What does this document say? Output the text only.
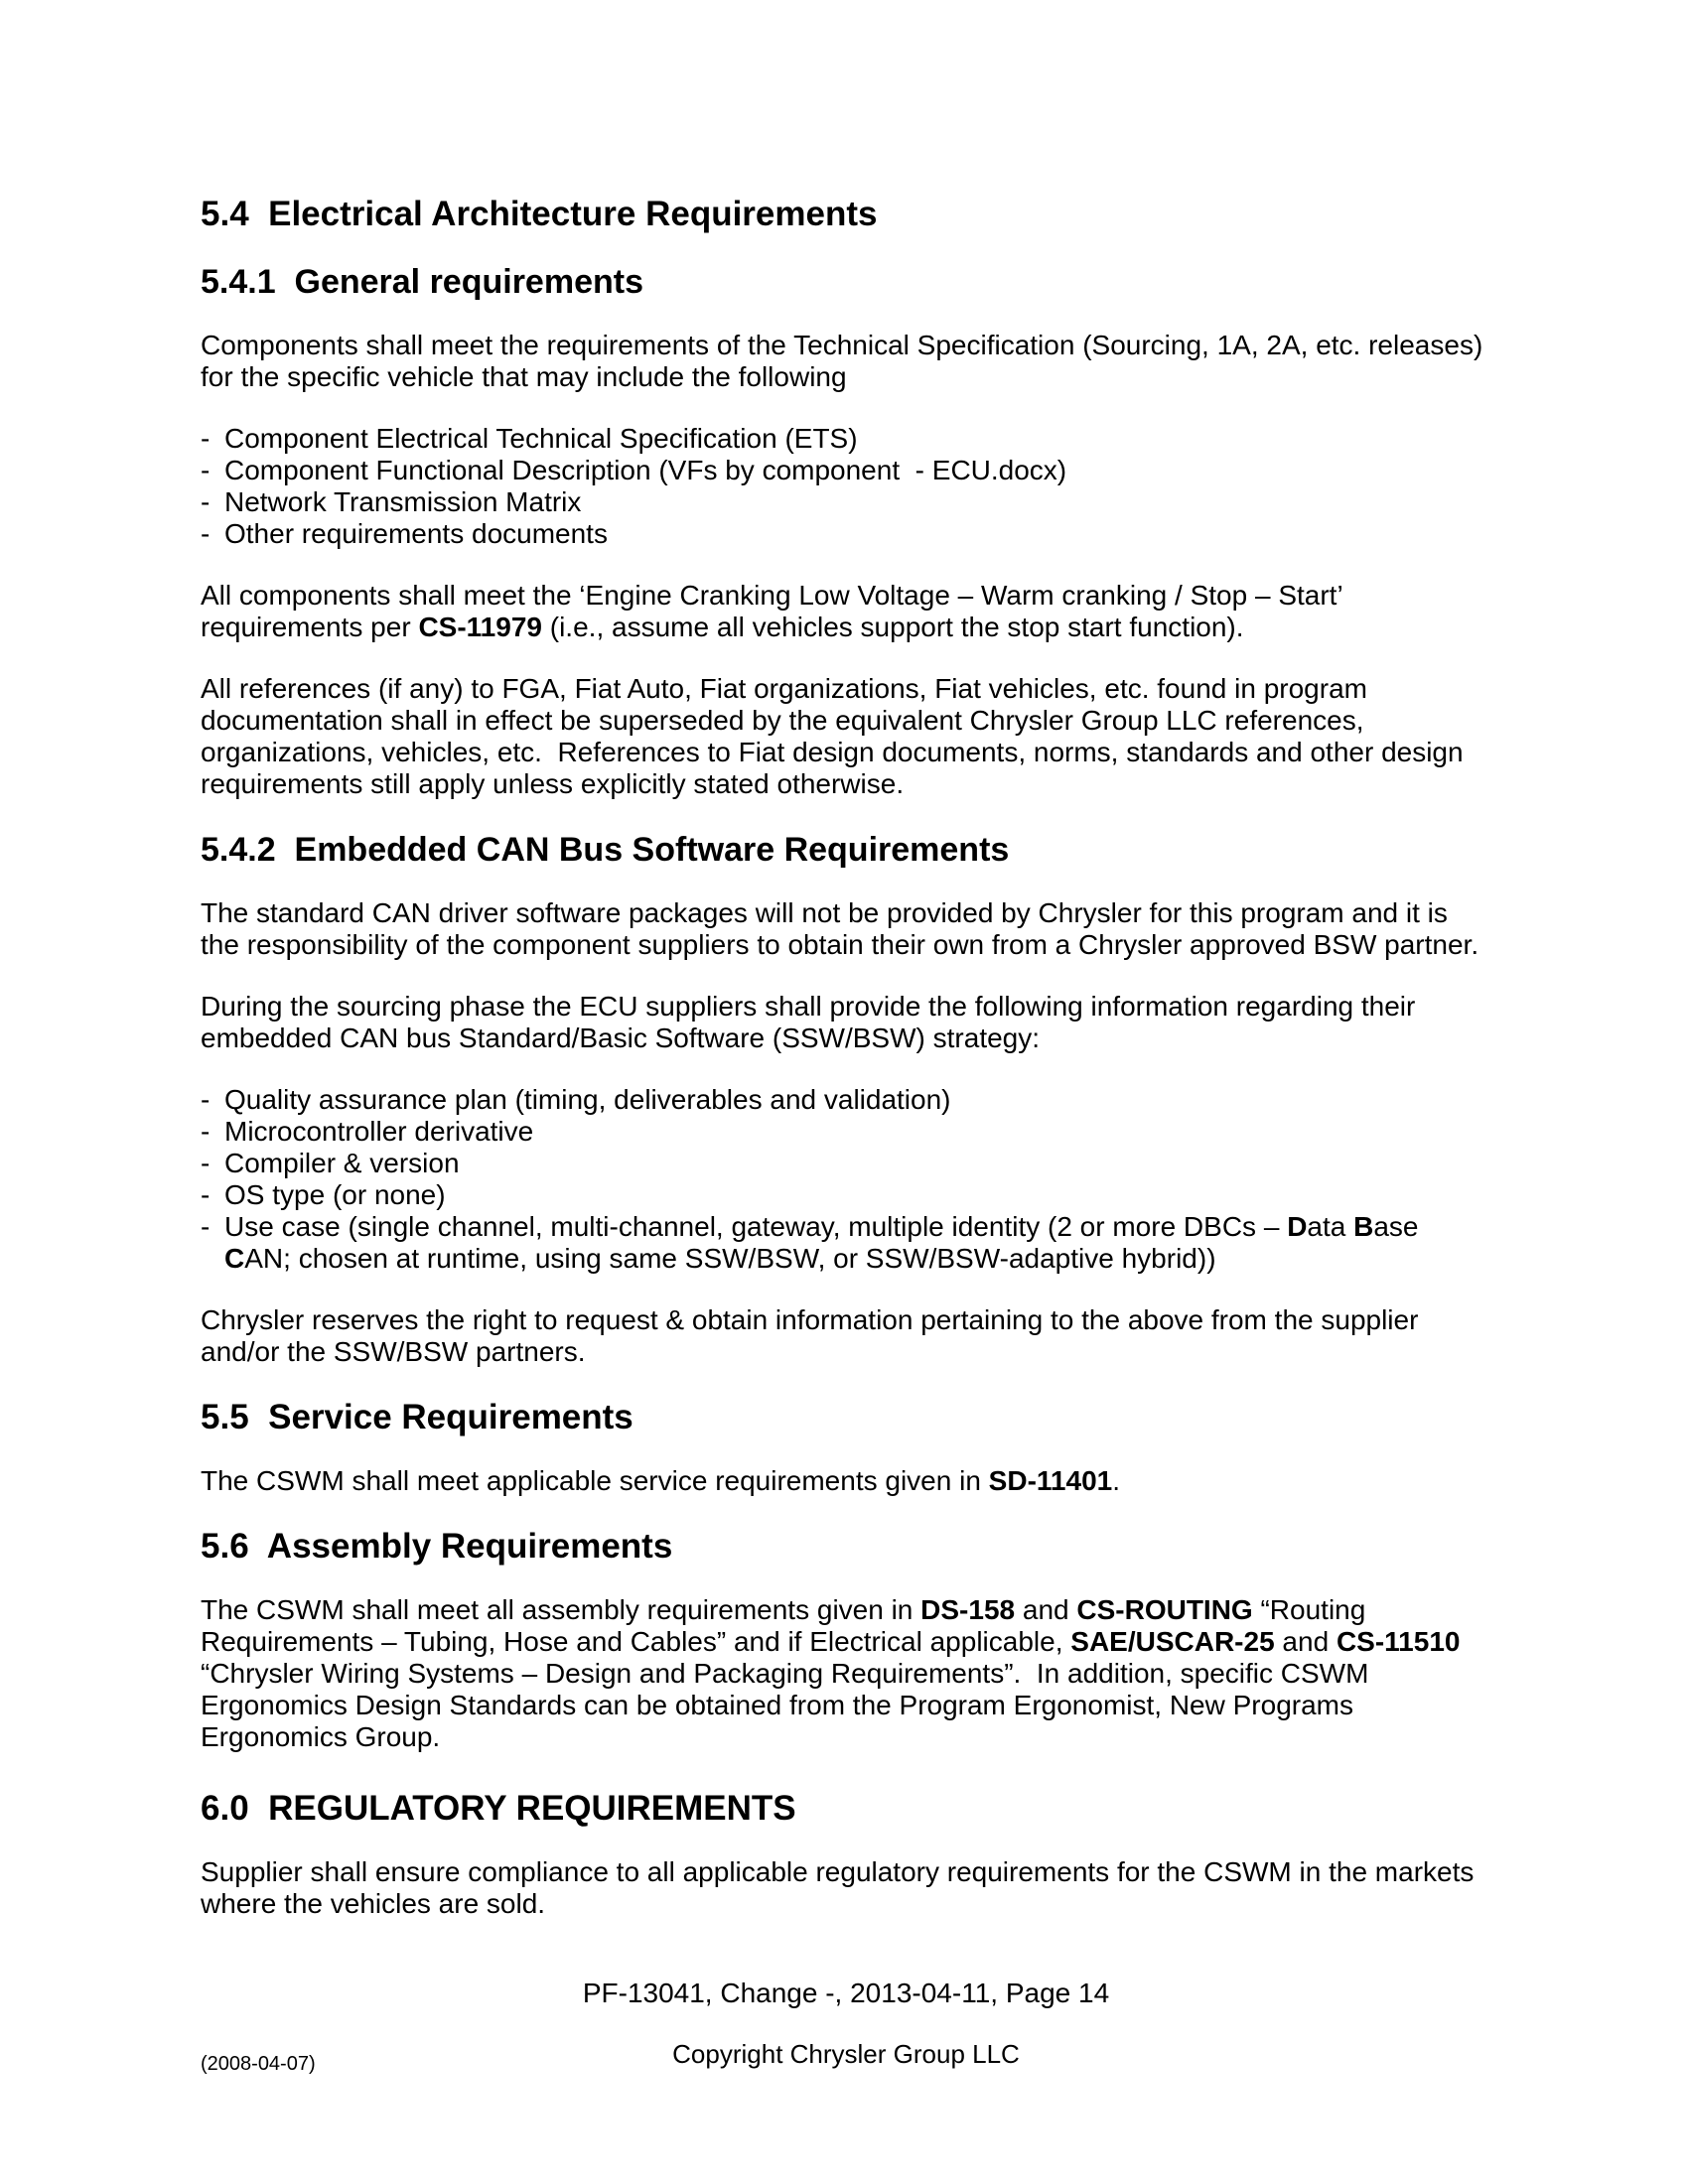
5.4  Electrical Architecture Requirements
5.4.1  General requirements

Components shall meet the requirements of the Technical Specification (Sourcing, 1A, 2A, etc. releases) for the specific vehicle that may include the following

- Component Electrical Technical Specification (ETS)
- Component Functional Description (VFs by component  - ECU.docx)
- Network Transmission Matrix
- Other requirements documents

All components shall meet the ‘Engine Cranking Low Voltage – Warm cranking / Stop – Start’ requirements per CS-11979 (i.e., assume all vehicles support the stop start function).

All references (if any) to FGA, Fiat Auto, Fiat organizations, Fiat vehicles, etc. found in program documentation shall in effect be superseded by the equivalent Chrysler Group LLC references, organizations, vehicles, etc.  References to Fiat design documents, norms, standards and other design requirements still apply unless explicitly stated otherwise.

5.4.2  Embedded CAN Bus Software Requirements

The standard CAN driver software packages will not be provided by Chrysler for this program and it is the responsibility of the component suppliers to obtain their own from a Chrysler approved BSW partner.

During the sourcing phase the ECU suppliers shall provide the following information regarding their embedded CAN bus Standard/Basic Software (SSW/BSW) strategy:

- Quality assurance plan (timing, deliverables and validation)
- Microcontroller derivative
- Compiler & version
- OS type (or none)
- Use case (single channel, multi-channel, gateway, multiple identity (2 or more DBCs – Data Base CAN; chosen at runtime, using same SSW/BSW, or SSW/BSW-adaptive hybrid))

Chrysler reserves the right to request & obtain information pertaining to the above from the supplier and/or the SSW/BSW partners.

5.5  Service Requirements

The CSWM shall meet applicable service requirements given in SD-11401.

5.6  Assembly Requirements

The CSWM shall meet all assembly requirements given in DS-158 and CS-ROUTING “Routing Requirements – Tubing, Hose and Cables” and if Electrical applicable, SAE/USCAR-25 and CS-11510 “Chrysler Wiring Systems – Design and Packaging Requirements”.  In addition, specific CSWM Ergonomics Design Standards can be obtained from the Program Ergonomist, New Programs Ergonomics Group.

6.0  REGULATORY REQUIREMENTS

Supplier shall ensure compliance to all applicable regulatory requirements for the CSWM in the markets where the vehicles are sold.

PF-13041, Change -, 2013-04-11, Page 14
Copyright Chrysler Group LLC
(2008-04-07)
